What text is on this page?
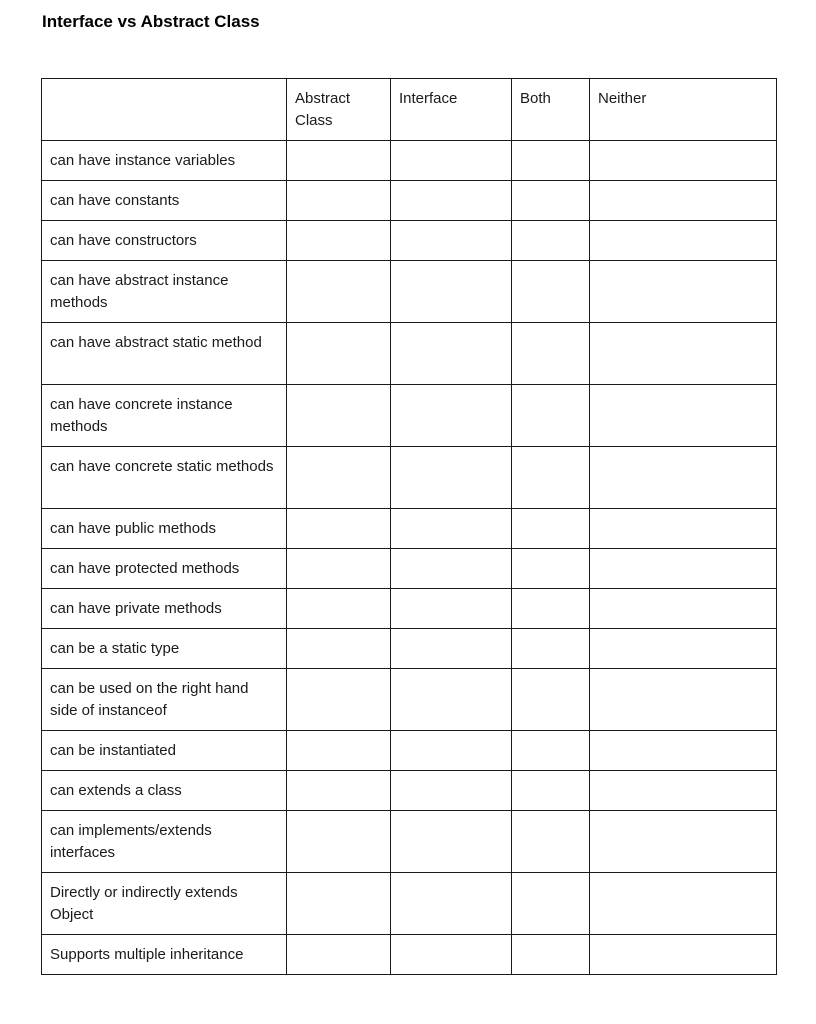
Interface vs Abstract Class
	Abstract Class	Interface	Both	Neither
can have instance variables				
can have constants				
can have constructors				
can have abstract instance methods				
can have abstract static method				
can have concrete instance methods				
can have concrete static methods				
can have public methods				
can have protected methods				
can have private methods				
can be a static type				
can be used on the right hand side of instanceof				
can be instantiated				
can extends a class				
can implements/extends interfaces				
Directly or indirectly extends Object				
Supports multiple inheritance				
